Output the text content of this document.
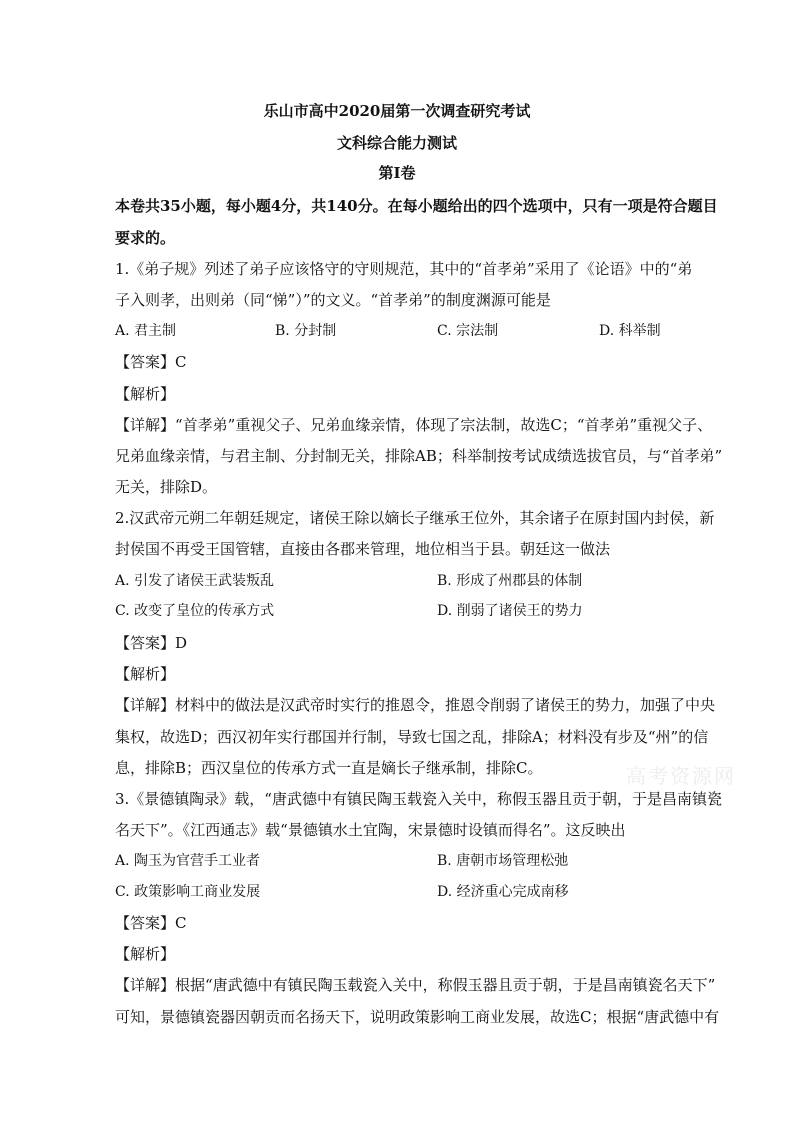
乐山市高中2020届第一次调查研究考试
文科综合能力测试
第I卷
本卷共35小题，每小题4分，共140分。在每小题给出的四个选项中，只有一项是符合题目
要求的。
1.《弟子规》列述了弟子应该恪守的守则规范，其中的“首孝弟”采用了《论语》中的“弟
子入则孝，出则弟（同“悌”）”的文义。“首孝弟”的制度渊源可能是
A. 君主制	B. 分封制	C. 宗法制	D. 科举制
【答案】C
【解析】
【详解】“首孝弟”重视父子、兄弟血缘亲情，体现了宗法制，故选C；“首孝弟”重视父子、
兄弟血缘亲情，与君主制、分封制无关，排除AB；科举制按考试成绩选拔官员，与“首孝弟”
无关，排除D。
2.汉武帝元朔二年朝廷规定，诸侯王除以嫡长子继承王位外，其余诸子在原封国内封侯，新
封侯国不再受王国管辖，直接由各郡来管理，地位相当于县。朝廷这一做法
A. 引发了诸侯王武装叛乱	B. 形成了州郡县的体制
C. 改变了皇位的传承方式	D. 削弱了诸侯王的势力
【答案】D
【解析】
【详解】材料中的做法是汉武帝时实行的推恩令，推恩令削弱了诸侯王的势力，加强了中央
集权，故选D；西汉初年实行郡国并行制，导致七国之乱，排除A；材料没有步及“州”的信
息，排除B；西汉皇位的传承方式一直是嫡长子继承制，排除C。
3.《景德镇陶录》载，“唐武德中有镇民陶玉载瓷入关中，称假玉器且贡于朝，于是昌南镇瓷
名天下”。《江西通志》载“景德镇水土宜陶，宋景德时设镇而得名”。这反映出
A. 陶玉为官营手工业者	B. 唐朝市场管理松弛
C. 政策影响工商业发展	D. 经济重心完成南移
【答案】C
【解析】
【详解】根据“唐武德中有镇民陶玉载瓷入关中，称假玉器且贡于朝，于是昌南镇瓷名天下”
可知，景德镇瓷器因朝贡而名扬天下，说明政策影响工商业发展，故选C；根据“唐武德中有
高考资源网
